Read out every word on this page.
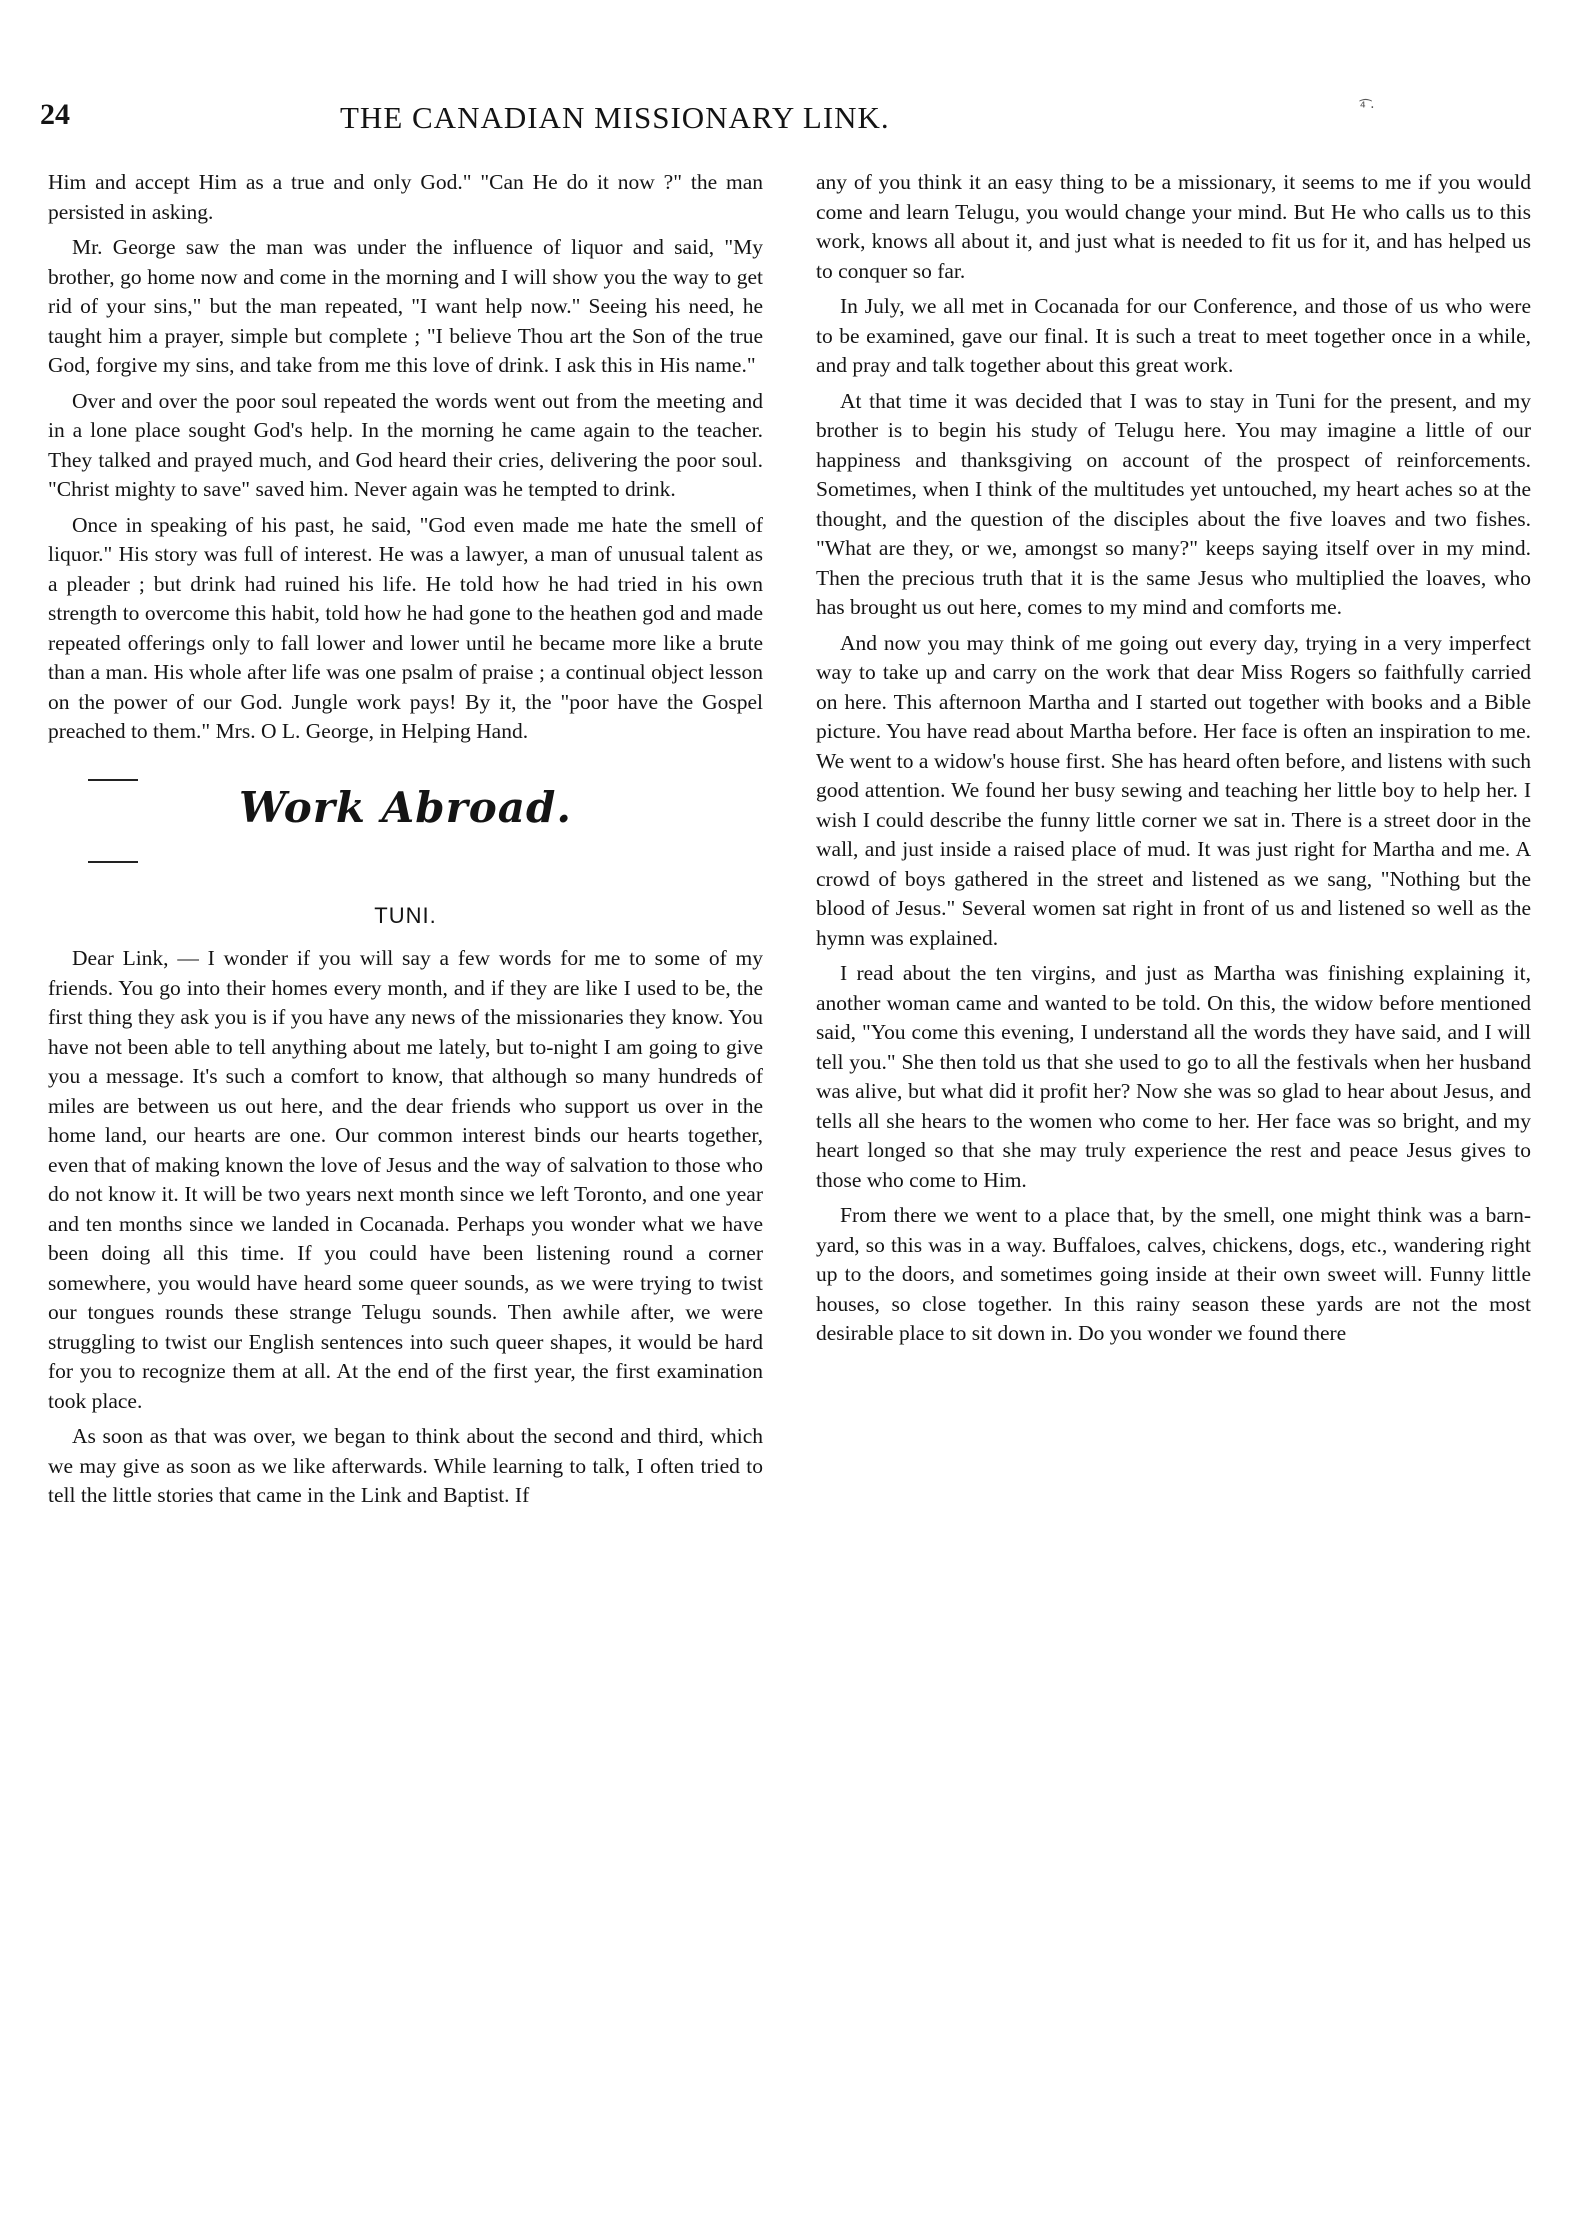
24	THE CANADIAN MISSIONARY LINK.	⁴͡ ·

Him and accept Him as a true and only God." "Can He do it now ?" the man persisted in asking.

Mr. George saw the man was under the influence of liquor and said, "My brother, go home now and come in the morning and I will show you the way to get rid of your sins," but the man repeated, "I want help now." Seeing his need, he taught him a prayer, simple but complete ; "I believe Thou art the Son of the true God, forgive my sins, and take from me this love of drink. I ask this in His name."

Over and over the poor soul repeated the words went out from the meeting and in a lone place sought God's help. In the morning he came again to the teacher. They talked and prayed much, and God heard their cries, delivering the poor soul. "Christ mighty to save" saved him. Never again was he tempted to drink.

Once in speaking of his past, he said, "God even made me hate the smell of liquor." His story was full of interest. He was a lawyer, a man of unusual talent as a pleader ; but drink had ruined his life. He told how he had tried in his own strength to overcome this habit, told how he had gone to the heathen god and made repeated offerings only to fall lower and lower until he became more like a brute than a man. His whole after life was one psalm of praise ; a continual object lesson on the power of our God. Jungle work pays! By it, the "poor have the Gospel preached to them." Mrs. O L. George, in Helping Hand.

Work Abroad.
TUNI.

Dear Link, — I wonder if you will say a few words for me to some of my friends. You go into their homes every month, and if they are like I used to be, the first thing they ask you is if you have any news of the missionaries they know. You have not been able to tell anything about me lately, but to-night I am going to give you a message. It's such a comfort to know, that although so many hundreds of miles are between us out here, and the dear friends who support us over in the home land, our hearts are one. Our common interest binds our hearts together, even that of making known the love of Jesus and the way of salvation to those who do not know it. It will be two years next month since we left Toronto, and one year and ten months since we landed in Cocanada. Perhaps you wonder what we have been doing all this time. If you could have been listening round a corner somewhere, you would have heard some queer sounds, as we were trying to twist our tongues rounds these strange Telugu sounds. Then awhile after, we were struggling to twist our English sentences into such queer shapes, it would be hard for you to recognize them at all. At the end of the first year, the first examination took place.

As soon as that was over, we began to think about the second and third, which we may give as soon as we like afterwards. While learning to talk, I often tried to tell the little stories that came in the Link and Baptist. If

any of you think it an easy thing to be a missionary, it seems to me if you would come and learn Telugu, you would change your mind. But He who calls us to this work, knows all about it, and just what is needed to fit us for it, and has helped us to conquer so far.

In July, we all met in Cocanada for our Conference, and those of us who were to be examined, gave our final. It is such a treat to meet together once in a while, and pray and talk together about this great work.

At that time it was decided that I was to stay in Tuni for the present, and my brother is to begin his study of Telugu here. You may imagine a little of our happiness and thanksgiving on account of the prospect of reinforcements. Sometimes, when I think of the multitudes yet untouched, my heart aches so at the thought, and the question of the disciples about the five loaves and two fishes. "What are they, or we, amongst so many?" keeps saying itself over in my mind. Then the precious truth that it is the same Jesus who multiplied the loaves, who has brought us out here, comes to my mind and comforts me.

And now you may think of me going out every day, trying in a very imperfect way to take up and carry on the work that dear Miss Rogers so faithfully carried on here. This afternoon Martha and I started out together with books and a Bible picture. You have read about Martha before. Her face is often an inspiration to me. We went to a widow's house first. She has heard often before, and listens with such good attention. We found her busy sewing and teaching her little boy to help her. I wish I could describe the funny little corner we sat in. There is a street door in the wall, and just inside a raised place of mud. It was just right for Martha and me. A crowd of boys gathered in the street and listened as we sang, "Nothing but the blood of Jesus." Several women sat right in front of us and listened so well as the hymn was explained.

I read about the ten virgins, and just as Martha was finishing explaining it, another woman came and wanted to be told. On this, the widow before mentioned said, "You come this evening, I understand all the words they have said, and I will tell you." She then told us that she used to go to all the festivals when her husband was alive, but what did it profit her? Now she was so glad to hear about Jesus, and tells all she hears to the women who come to her. Her face was so bright, and my heart longed so that she may truly experience the rest and peace Jesus gives to those who come to Him.

From there we went to a place that, by the smell, one might think was a barn-yard, so this was in a way. Buffaloes, calves, chickens, dogs, etc., wandering right up to the doors, and sometimes going inside at their own sweet will. Funny little houses, so close together. In this rainy season these yards are not the most desirable place to sit down in. Do you wonder we found there
